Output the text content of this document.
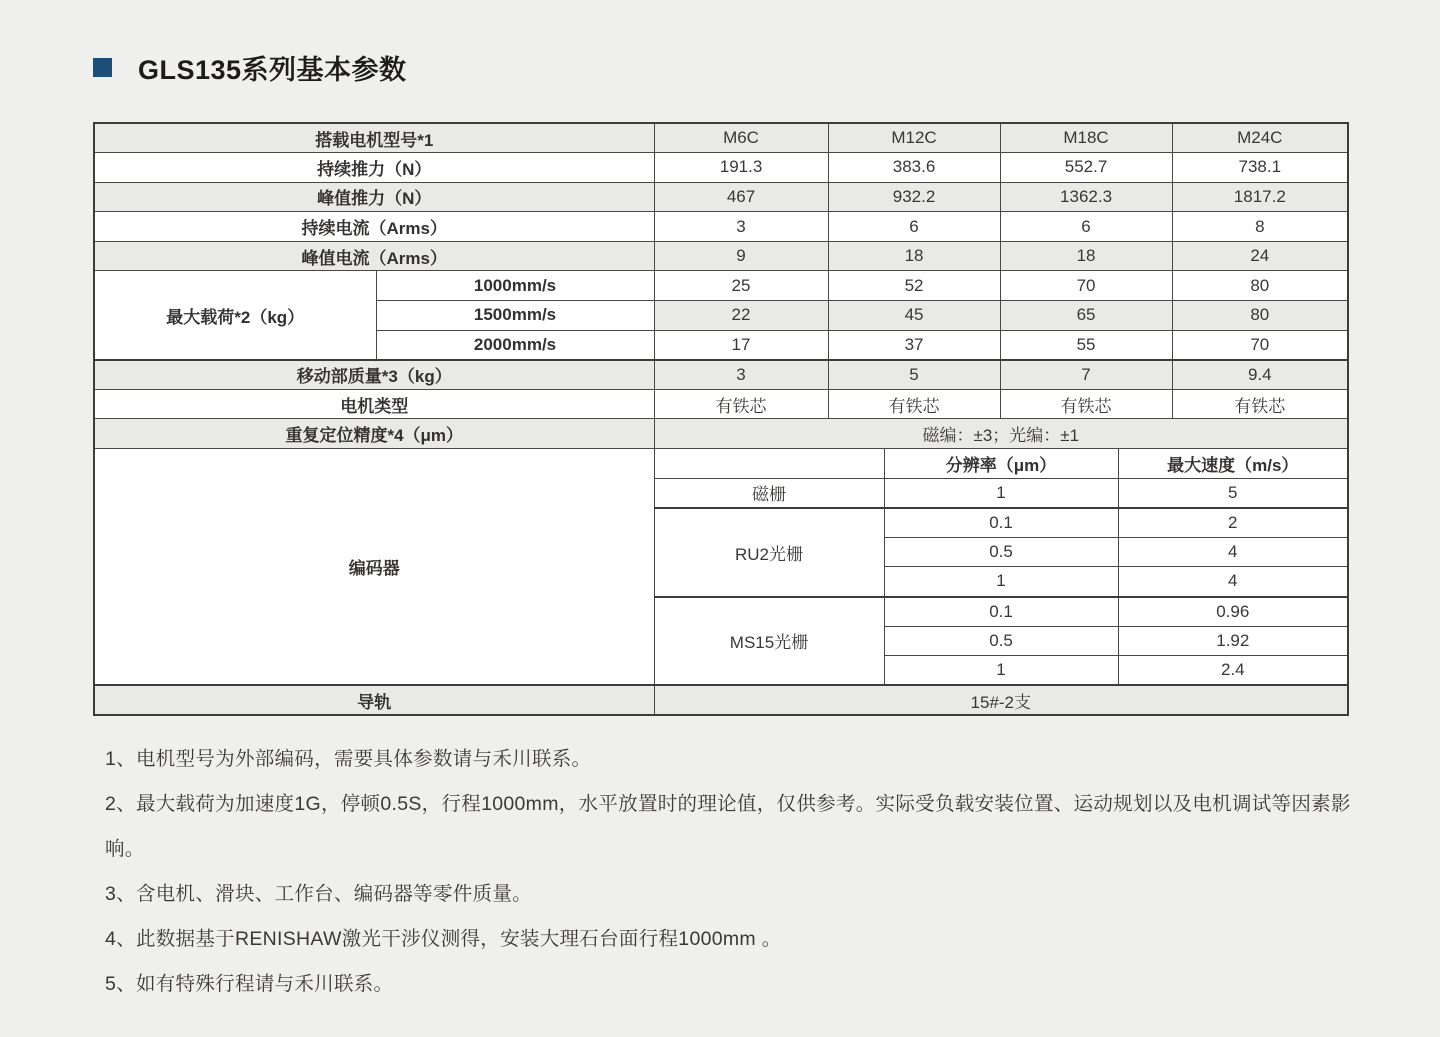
GLS135系列基本参数
搭载电机型号*1		M6C	M12C		M18C		M24C
持续推力（N）		191.3	383.6		552.7		738.1
峰值推力（N）		467	932.2		1362.3		1817.2
持续电流（Arms）		3	6		6		8
峰值电流（Arms）		9	18		18		24
最大载荷*2（kg）	1000mm/s	25	52		70		80
	1500mm/s	22	45		65		80
	2000mm/s	17	37		55		70
移动部质量*3（kg）		3	5		7		9.4
电机类型		有铁芯	有铁芯		有铁芯		有铁芯
重复定位精度*4（μm）		磁编：±3；光编：±1					
编码器				分辨率（μm）		最大速度（m/s）	
		磁栅		1		5	
		RU2光栅		0.1		2	
				0.5		4	
				1		4	
		MS15光栅		0.1		0.96	
				0.5		1.92	
				1		2.4	
导轨		15#-2支					
1、电机型号为外部编码，需要具体参数请与禾川联系。
2、最大载荷为加速度1G，停顿0.5S，行程1000mm，水平放置时的理论值，仅供参考。实际受负载安装位置、运动规划以及电机调试等因素影响。
3、含电机、滑块、工作台、编码器等零件质量。
4、此数据基于RENISHAW激光干涉仪测得，安装大理石台面行程1000mm 。
5、如有特殊行程请与禾川联系。
